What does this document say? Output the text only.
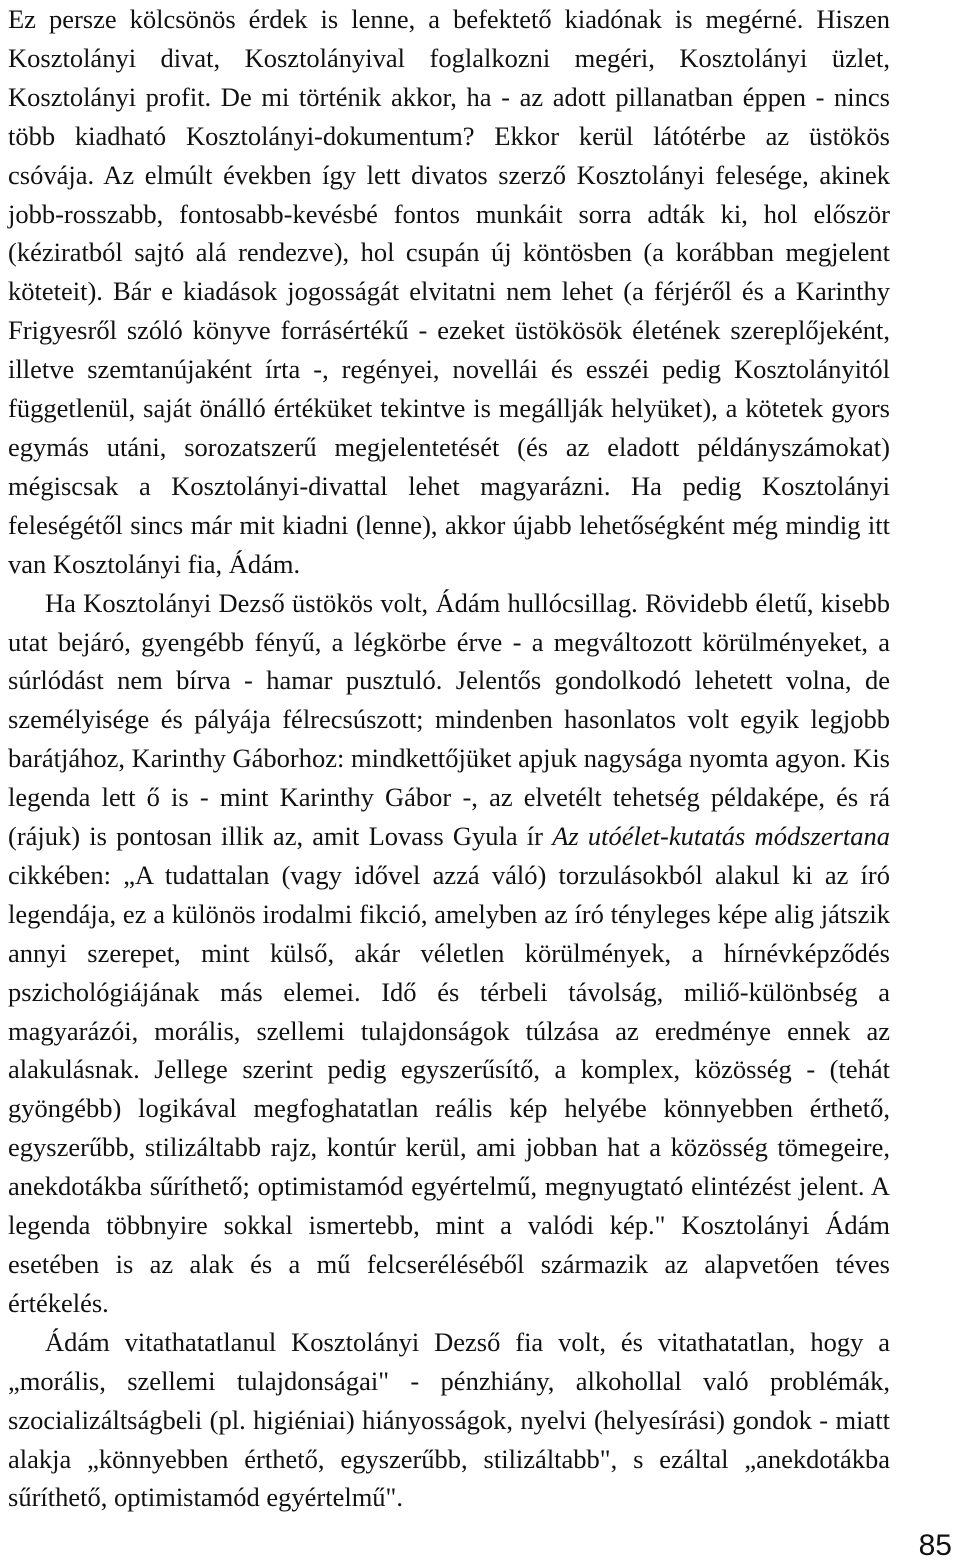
Ez persze kölcsönös érdek is lenne, a befektető kiadónak is megérné. Hiszen Kosztolányi divat, Kosztolányival foglalkozni megéri, Kosztolányi üzlet, Kosztolányi profit. De mi történik akkor, ha - az adott pillanatban éppen - nincs több kiadható Kosztolányi-dokumentum? Ekkor kerül látótérbe az üstökös csóvája. Az elmúlt években így lett divatos szerző Kosztolányi felesége, akinek jobb-rosszabb, fontosabb-kevésbé fontos munkáit sorra adták ki, hol először (kéziratból sajtó alá rendezve), hol csupán új köntösben (a korábban megjelent köteteit). Bár e kiadások jogosságát elvitatni nem lehet (a férjéről és a Karinthy Frigyesről szóló könyve forrásértékű - ezeket üstökösök életének szereplőjeként, illetve szemtanújaként írta -, regényei, novellái és esszéi pedig Kosztolányitól függetlenül, saját önálló értéküket tekintve is megállják helyüket), a kötetek gyors egymás utáni, sorozatszerű megjelentetését (és az eladott példányszámokat) mégiscsak a Kosztolányi-divattal lehet magyarázni. Ha pedig Kosztolányi feleségétől sincs már mit kiadni (lenne), akkor újabb lehetőségként még mindig itt van Kosztolányi fia, Ádám.

Ha Kosztolányi Dezső üstökös volt, Ádám hullócsillag. Rövidebb életű, kisebb utat bejáró, gyengébb fényű, a légkörbe érve - a megváltozott körülményeket, a súrlódást nem bírva - hamar pusztuló. Jelentős gondolkodó lehetett volna, de személyisége és pályája félrecsúszott; mindenben hasonlatos volt egyik legjobb barátjához, Karinthy Gáborhoz: mindkettőjüket apjuk nagysága nyomta agyon. Kis legenda lett ő is - mint Karinthy Gábor -, az elvetélt tehetség példaképe, és rá (rájuk) is pontosan illik az, amit Lovass Gyula ír Az utóélet-kutatás módszertana cikkében: „A tudattalan (vagy idővel azzá váló) torzulásokból alakul ki az író legendája, ez a különös irodalmi fikció, amelyben az író tényleges képe alig játszik annyi szerepet, mint külső, akár véletlen körülmények, a hírnévképződés pszichológiájának más elemei. Idő és térbeli távolság, miliő-különbség a magyarázói, morális, szellemi tulajdonságok túlzása az eredménye ennek az alakulásnak. Jellege szerint pedig egyszerűsítő, a komplex, közösség - (tehát gyöngébb) logikával megfoghatatlan reális kép helyébe könnyebben érthető, egyszerűbb, stilizáltabb rajz, kontúr kerül, ami jobban hat a közösség tömegeire, anekdotákba sűríthető; optimistamód egyértelmű, megnyugtató elintézést jelent. A legenda többnyire sokkal ismertebb, mint a valódi kép." Kosztolányi Ádám esetében is az alak és a mű felcseréléséből származik az alapvetően téves értékelés.

Ádám vitathatatlanul Kosztolányi Dezső fia volt, és vitathatatlan, hogy a „morális, szellemi tulajdonságai" - pénzhiány, alkohollal való problémák, szocializáltságbeli (pl. higiéniai) hiányosságok, nyelvi (helyesírási) gondok - miatt alakja „könnyebben érthető, egyszerűbb, stilizáltabb", s ezáltal „anekdotákba sűríthető, optimistamód egyértelmű".

85
